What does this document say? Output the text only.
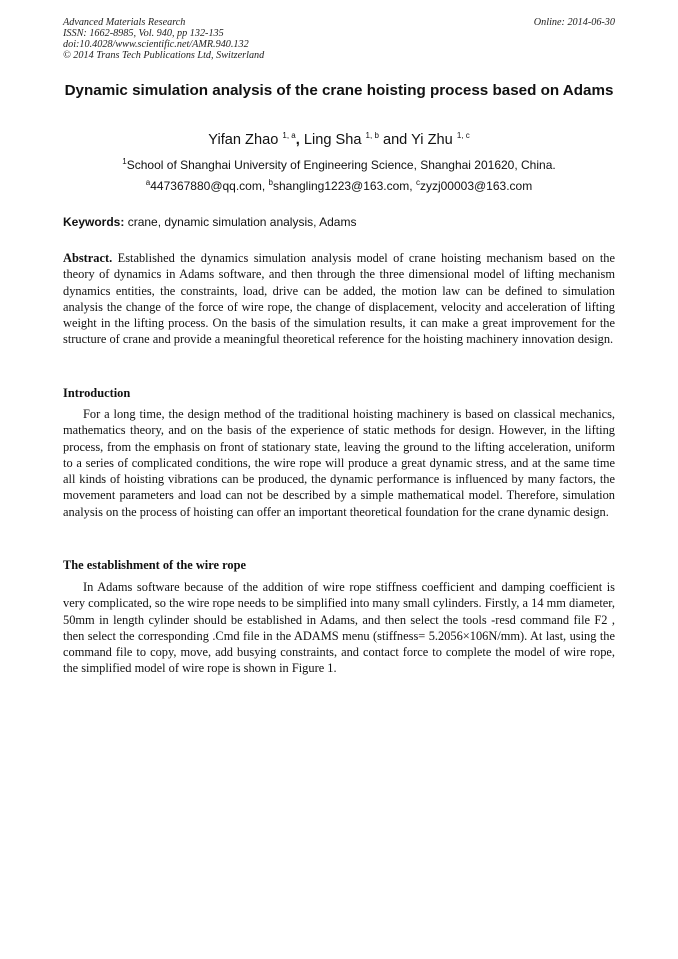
Advanced Materials Research
ISSN: 1662-8985, Vol. 940, pp 132-135
doi:10.4028/www.scientific.net/AMR.940.132
© 2014 Trans Tech Publications Ltd, Switzerland
Online: 2014-06-30
Dynamic simulation analysis of the crane hoisting process based on Adams
Yifan Zhao $^{1, a}$, Ling Sha $^{1, b}$ and Yi Zhu $^{1, c}$
$^1$School of Shanghai University of Engineering Science, Shanghai 201620, China.
$^a$447367880@qq.com, $^b$shangling1223@163.com, $^c$zyzj00003@163.com
Keywords: crane, dynamic simulation analysis, Adams
Abstract. Established the dynamics simulation analysis model of crane hoisting mechanism based on the theory of dynamics in Adams software, and then through the three dimensional model of lifting mechanism dynamics entities, the constraints, load, drive can be added, the motion law can be defined to simulation analysis the change of the force of wire rope, the change of displacement, velocity and acceleration of lifting weight in the lifting process. On the basis of the simulation results, it can make a great improvement for the structure of crane and provide a meaningful theoretical reference for the hoisting machinery innovation design.
Introduction
For a long time, the design method of the traditional hoisting machinery is based on classical mechanics, mathematics theory, and on the basis of the experience of static methods for design. However, in the lifting process, from the emphasis on front of stationary state, leaving the ground to the lifting acceleration, uniform to a series of complicated conditions, the wire rope will produce a great dynamic stress, and at the same time all kinds of hoisting vibrations can be produced, the dynamic performance is influenced by many factors, the movement parameters and load can not be described by a simple mathematical model. Therefore, simulation analysis on the process of hoisting can offer an important theoretical foundation for the crane dynamic design.
The establishment of the wire rope
In Adams software because of the addition of wire rope stiffness coefficient and damping coefficient is very complicated, so the wire rope needs to be simplified into many small cylinders. Firstly, a 14 mm diameter, 50mm in length cylinder should be established in Adams, and then select the tools -resd command file F2 , then select the corresponding .Cmd file in the ADAMS menu (stiffness= 5.2056×106N/mm). At last, using the command file to copy, move, add busying constraints, and contact force to complete the model of wire rope, the simplified model of wire rope is shown in Figure 1.
